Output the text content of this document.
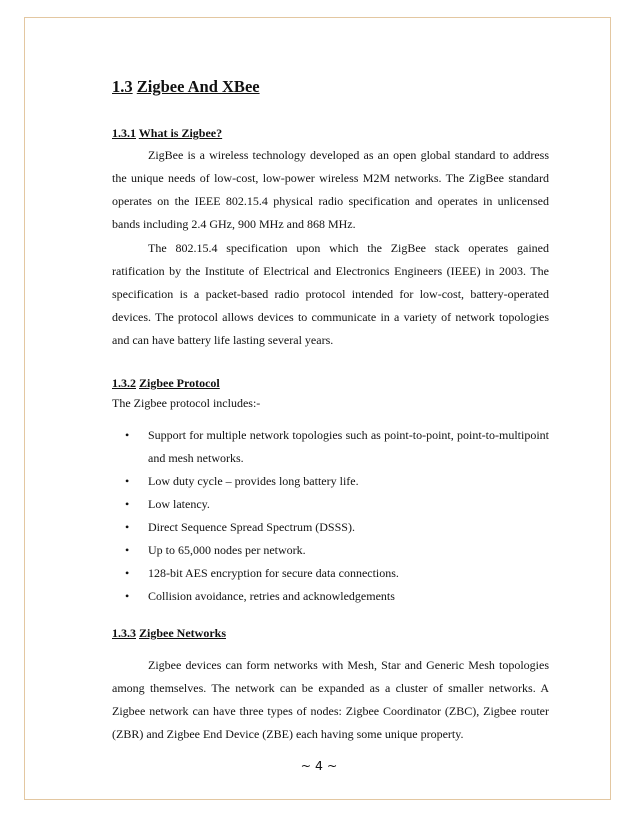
1.3 Zigbee And XBee
1.3.1 What is Zigbee?

ZigBee is a wireless technology developed as an open global standard to address the unique needs of low-cost, low-power wireless M2M networks. The ZigBee standard operates on the IEEE 802.15.4 physical radio specification and operates in unlicensed bands including 2.4 GHz, 900 MHz and 868 MHz.

The 802.15.4 specification upon which the ZigBee stack operates gained ratification by the Institute of Electrical and Electronics Engineers (IEEE) in 2003. The specification is a packet-based radio protocol intended for low-cost, battery-operated devices. The protocol allows devices to communicate in a variety of network topologies and can have battery life lasting several years.

1.3.2 Zigbee Protocol

The Zigbee protocol includes:-

• Support for multiple network topologies such as point-to-point, point-to-multipoint and mesh networks.
• Low duty cycle – provides long battery life.
• Low latency.
• Direct Sequence Spread Spectrum (DSSS).
• Up to 65,000 nodes per network.
• 128-bit AES encryption for secure data connections.
• Collision avoidance, retries and acknowledgements
1.3.3 Zigbee Networks

Zigbee devices can form networks with Mesh, Star and Generic Mesh topologies among themselves. The network can be expanded as a cluster of smaller networks. A Zigbee network can have three types of nodes: Zigbee Coordinator (ZBC), Zigbee router (ZBR) and Zigbee End Device (ZBE) each having some unique property.

~ 4 ~
